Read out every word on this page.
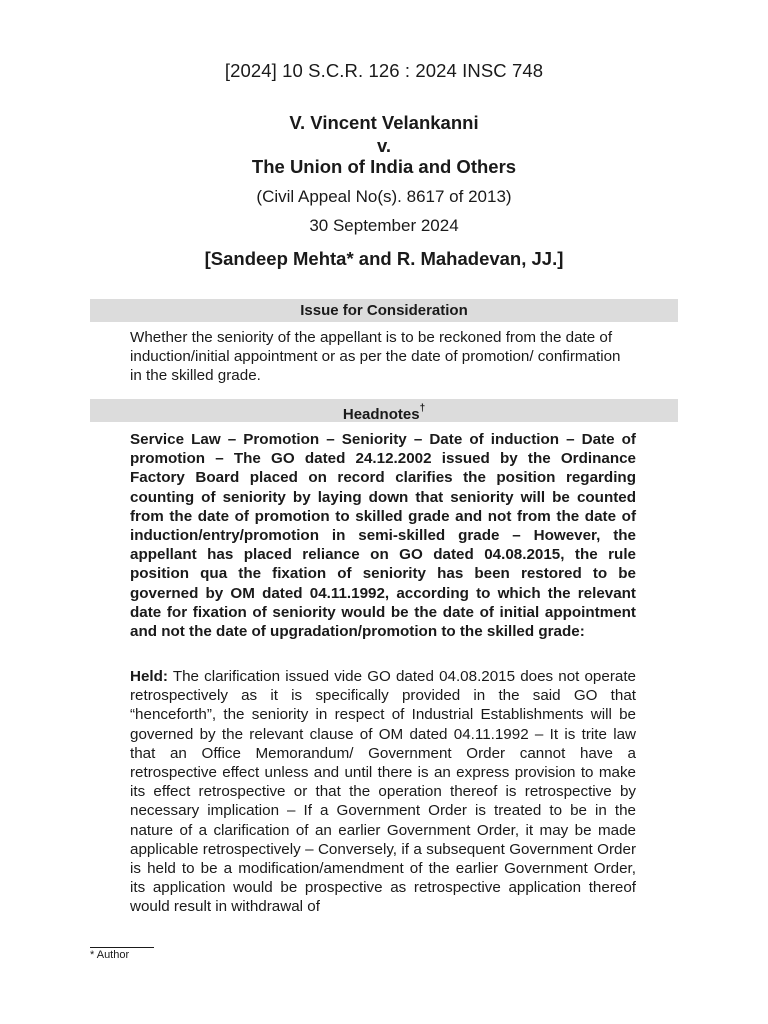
[2024] 10 S.C.R. 126 : 2024 INSC 748
V. Vincent Velankanni
v.
The Union of India and Others
(Civil Appeal No(s). 8617 of 2013)
30 September 2024
[Sandeep Mehta* and R. Mahadevan, JJ.]
Issue for Consideration
Whether the seniority of the appellant is to be reckoned from the date of induction/initial appointment or as per the date of promotion/ confirmation in the skilled grade.
Headnotes†
Service Law – Promotion – Seniority – Date of induction – Date of promotion – The GO dated 24.12.2002 issued by the Ordinance Factory Board placed on record clarifies the position regarding counting of seniority by laying down that seniority will be counted from the date of promotion to skilled grade and not from the date of induction/entry/promotion in semi-skilled grade – However, the appellant has placed reliance on GO dated 04.08.2015, the rule position qua the fixation of seniority has been restored to be governed by OM dated 04.11.1992, according to which the relevant date for fixation of seniority would be the date of initial appointment and not the date of upgradation/promotion to the skilled grade:
Held: The clarification issued vide GO dated 04.08.2015 does not operate retrospectively as it is specifically provided in the said GO that “henceforth”, the seniority in respect of Industrial Establishments will be governed by the relevant clause of OM dated 04.11.1992 – It is trite law that an Office Memorandum/ Government Order cannot have a retrospective effect unless and until there is an express provision to make its effect retrospective or that the operation thereof is retrospective by necessary implication – If a Government Order is treated to be in the nature of a clarification of an earlier Government Order, it may be made applicable retrospectively – Conversely, if a subsequent Government Order is held to be a modification/amendment of the earlier Government Order, its application would be prospective as retrospective application thereof would result in withdrawal of
* Author
